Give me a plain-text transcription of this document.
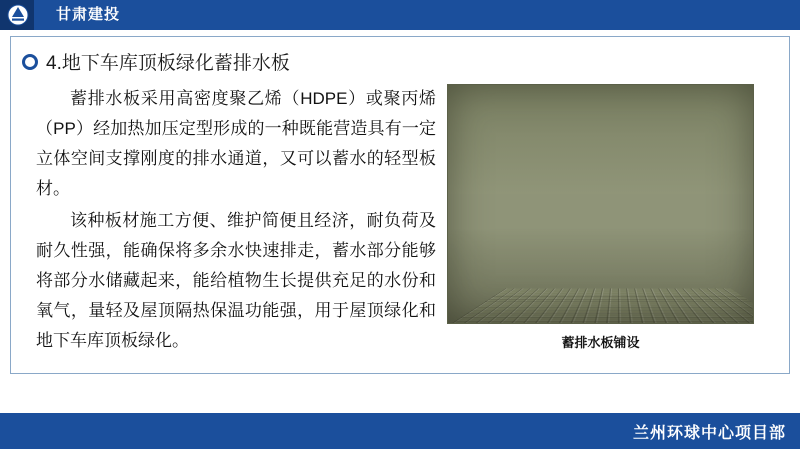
甘肃建投
4.地下车库顶板绿化蓄排水板

蓄排水板采用高密度聚乙烯（HDPE）或聚丙烯（PP）经加热加压定型形成的一种既能营造具有一定立体空间支撑刚度的排水通道，又可以蓄水的轻型板材。

该种板材施工方便、维护简便且经济，耐负荷及耐久性强，能确保将多余水快速排走，蓄水部分能够将部分水储藏起来，能给植物生长提供充足的水份和氧气，量轻及屋顶隔热保温功能强，用于屋顶绿化和地下车库顶板绿化。	蓄排水板铺设
兰州环球中心项目部
